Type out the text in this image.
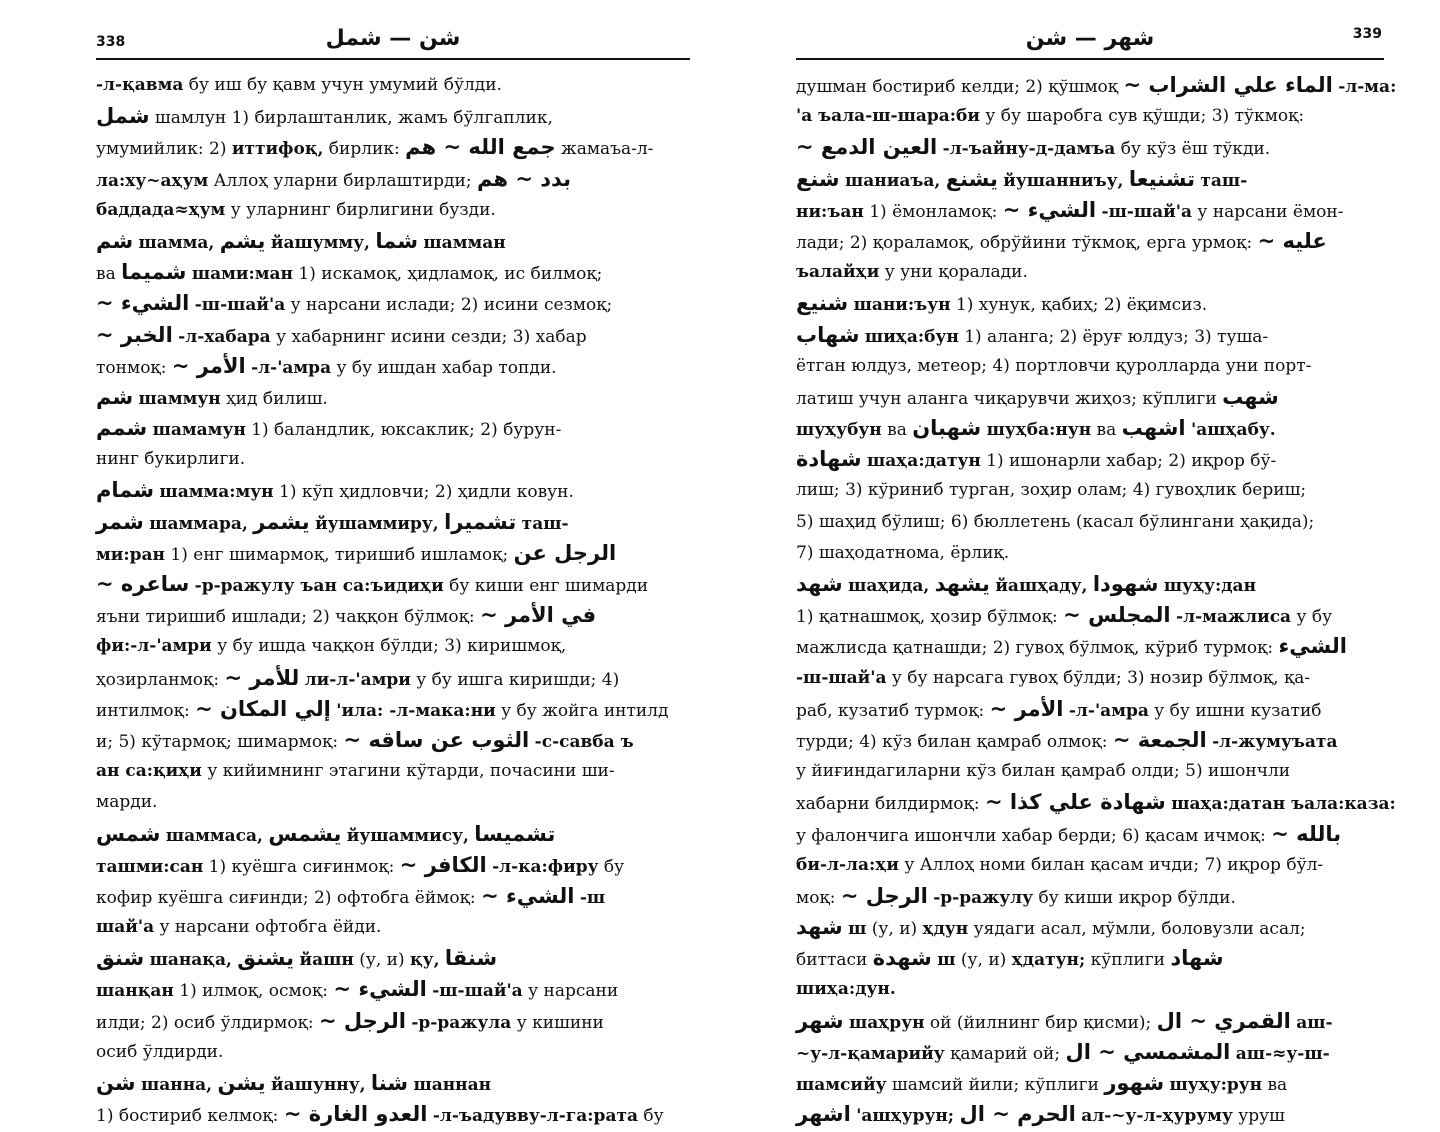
338	شن — شمل
-л-қавма бу иш бу қавм учун умумий бўлди.
شمل шамлун 1) бирлаштанлик, жамъ бўлгаплик,
умумийлик: 2) иттифоқ, бирлик: جمع الله ~ هم жамаъа-л-
ла:ху~аҳум Аллоҳ уларни бирлаштирди; بدد ~ هم
баддада≈ҳум у уларнинг бирлигини бузди.
شم шамма, يشم йашумму, شما шамман
ва شميما шами:ман 1) искамоқ, ҳидламоқ, ис билмоқ;
الشيء ~ -ш-шай'а у нарсани ислади; 2) исини сезмоқ;
الخبر ~ -л-хабара у хабарнинг исини сезди; 3) хабар
тонмоқ: الأمر ~ -л-'амра у бу ишдан хабар топди.
شم шаммун ҳид билиш.
شمم шамамун 1) баландлик, юксаклик; 2) бурун-
нинг букирлиги.
شمام шамма:мун 1) кўп ҳидловчи; 2) ҳидли ковун.
شمر шаммара, يشمر йушаммиру, تشميرا таш-
ми:ран 1) енг шимармоқ, тиришиб ишламоқ; الرجل عن
ساعره ~ -р-ражулу ъан са:ъидиҳи бу киши енг шимарди
яъни тиришиб ишлади; 2) чаққон бўлмоқ: في الأمر ~
фи:-л-'амри у бу ишда чаққон бўлди; 3) киришмоқ,
ҳозирланмоқ: للأمر ~ ли-л-'амри у бу ишга киришди; 4)
интилмоқ: إلي المكان ~ 'ила: -л-мака:ни у бу жойга интилд
и; 5) кўтармоқ; шимармоқ: الثوب عن ساقه ~ -с-савба ъ
ан са:қиҳи у кийимнинг этагини кўтарди, почасини ши-
марди.
شمس шаммаса, يشمس йушаммису, تشميسا
ташми:сан 1) куёшга сиғинмоқ: الكافر ~ -л-ка:фиру бу
кофир куёшга сиғинди; 2) офтобга ёймоқ: الشيء ~ -ш
шай'а у нарсани офтобга ёйди.
شنق шанақа, يشنق йашн (у, и) қу, شنقا
шанқан 1) илмоқ, осмоқ: الشيء ~ -ш-шай'а у нарсани
илди; 2) осиб ўлдирмоқ: الرجل ~ -р-ражула у кишини
осиб ўлдирди.
شن шанна, يشن йашунну, شنا шаннан
1) бостириб келмоқ: العدو الغارة ~ -л-ъадувву-л-га:рата бу
شهر — شن	339
душман бостириб келди; 2) қўшмоқ الماء علي الشراب ~ -л-ма:
'а ъала-ш-шара:би у бу шаробга сув қўшди; 3) тўкмоқ:
العين الدمع ~ -л-ъайну-д-дамъа бу кўз ёш тўкди.
شنع шаниаъа, يشنع йушанниъу, تشنيعا таш-
ни:ъан 1) ёмонламоқ: الشيء ~ -ш-шай'а у нарсани ёмон-
лади; 2) қораламоқ, обрўйини тўкмоқ, ерга урмоқ: عليه ~
ъалайҳи у уни қоралади.
شنيع шани:ъун 1) хунук, қабиҳ; 2) ёқимсиз.
شهاب шиҳа:бун 1) аланга; 2) ёруғ юлдуз; 3) тушa-
ётган юлдуз, метеор; 4) портловчи қуролларда уни порт-
латиш учун аланга чиқарувчи жиҳоз; кўплиги شهب
шуҳубун ва شهبان шуҳба:нун ва اشهب 'ашҳабу.
شهادة шаҳа:датун 1) ишонарли хабар; 2) иқрор бў-
лиш; 3) кўриниб турган, зоҳир олам; 4) гувоҳлик бериш;
5) шаҳид бўлиш; 6) бюллетень (касал бўлингани ҳақида);
7) шаҳодатнома, ёрлиқ.
شهد шаҳида, يشهد йашҳаду, شهودا шуҳу:дан
1) қатнашмоқ, ҳозир бўлмоқ: المجلس ~ -л-мажлиса у бу
мажлисда қатнашди; 2) гувоҳ бўлмоқ, кўриб турмоқ: الشيء
-ш-шай'а у бу нарсага гувоҳ бўлди; 3) нозир бўлмоқ, қа-
раб, кузатиб турмоқ: الأمر ~ -л-'амра у бу ишни кузатиб
турди; 4) кўз билан қамраб олмоқ: الجمعة ~ -л-жумуъата
у йиғиндагиларни кўз билан қамраб олди; 5) ишончли
хабарни билдирмоқ: شهادة علي كذا ~ шаҳа:датан ъала:каза:
у фалончига ишончли хабар берди; 6) қасам ичмоқ: بالله ~
би-л-ла:ҳи у Аллоҳ номи билан қасам ичди; 7) иқрор бўл-
моқ: الرجل ~ -р-ражулу бу киши иқрор бўлди.
شهد ш (у, и) ҳдун уядаги асал, мўмли, боловузли асал;
биттаси شهدة ш (у, и) ҳдатун; кўплиги شهاد
шиҳа:дун.
شهر шаҳрун ой (йилнинг бир қисми); القمري ~ ال аш-
~у-л-қамарийу қамарий ой; المشمسي ~ ال аш-≈у-ш-
шамсийу шамсий йили; кўплиги شهور шуҳу:рун ва
اشهر 'ашҳурун; الحرم ~ ال ал-~у-л-ҳуруму уруш
